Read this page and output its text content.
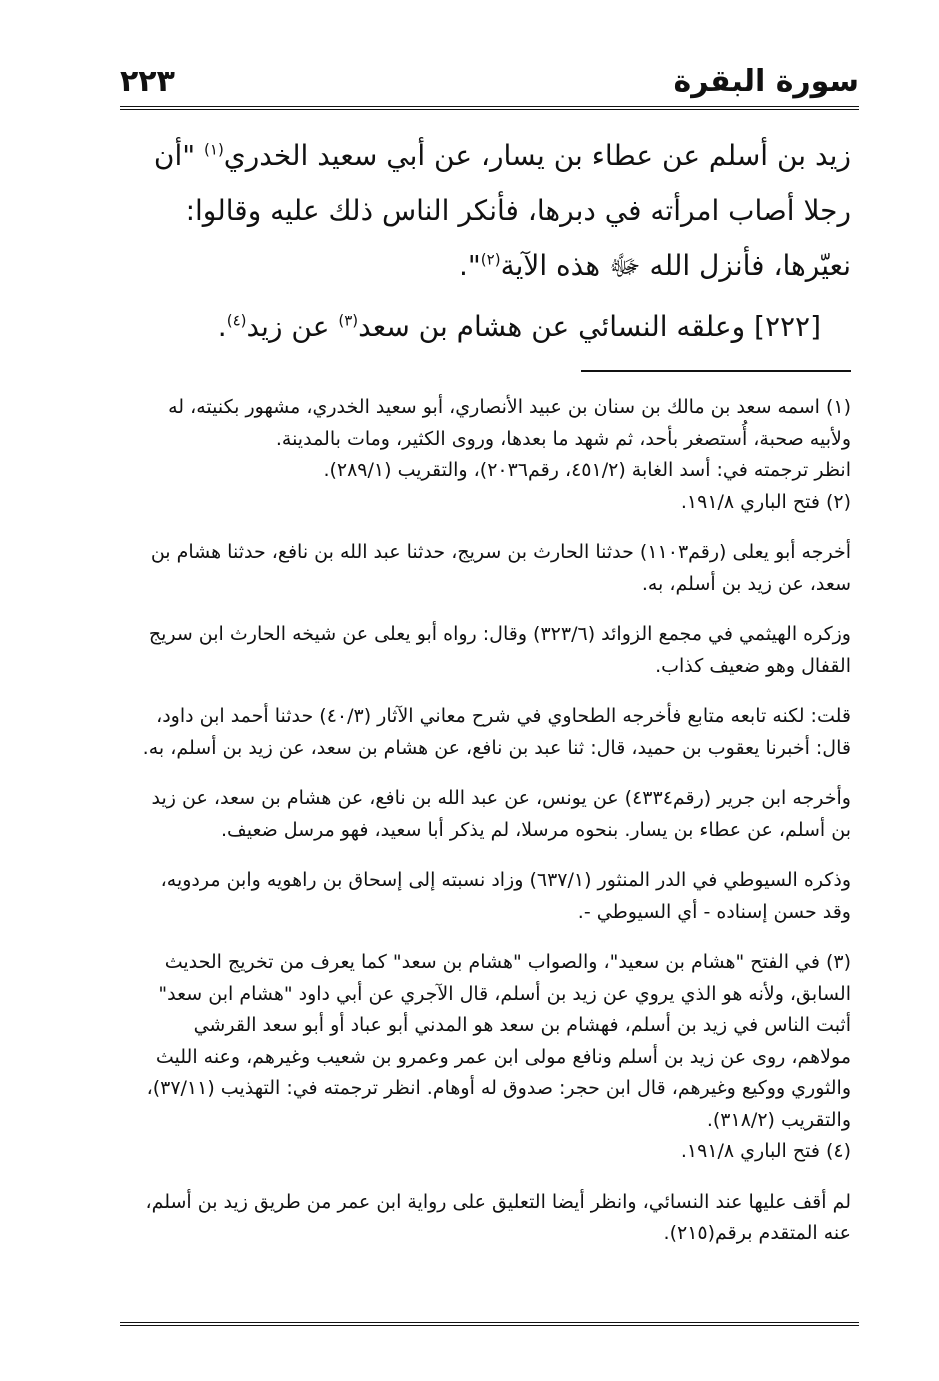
٢٢٣	سورة البقرة

زيد بن أسلم عن عطاء بن يسار، عن أبي سعيد الخدري$^{(١)}$ "أن رجلا أصاب امرأته في دبرها، فأنكر الناس ذلك عليه وقالوا: نعيّرها، فأنزل الله ﷻ هذه الآية$^{(٢)}$".

[٢٢٢] وعلقه النسائي عن هشام بن سعد$^{(٣)}$ عن زيد$^{(٤)}$.

(١)اسمه سعد بن مالك بن سنان بن عبيد الأنصاري، أبو سعيد الخدري، مشهور بكنيته، له ولأبيه صحبة، أُستصغر بأحد، ثم شهد ما بعدها، وروى الكثير، ومات بالمدينة.

انظر ترجمته في: أسد الغابة (٤٥١/٢، رقم٢٠٣٦)، والتقريب (٢٨٩/١).

(٢)فتح الباري ١٩١/٨.

أخرجه أبو يعلى (رقم١١٠٣) حدثنا الحارث بن سريج، حدثنا عبد الله بن نافع، حدثنا هشام بن سعد، عن زيد بن أسلم، به.

وزكره الهيثمي في مجمع الزوائد (٣٢٣/٦) وقال: رواه أبو يعلى عن شيخه الحارث ابن سريج القفال وهو ضعيف كذاب.

قلت: لكنه تابعه متابع فأخرجه الطحاوي في شرح معاني الآثار (٤٠/٣) حدثنا أحمد ابن داود، قال: أخبرنا يعقوب بن حميد، قال: ثنا عبد بن نافع، عن هشام بن سعد، عن زيد بن أسلم، به.

وأخرجه ابن جرير (رقم٤٣٣٤) عن يونس، عن عبد الله بن نافع، عن هشام بن سعد، عن زيد بن أسلم، عن عطاء بن يسار. بنحوه مرسلا، لم يذكر أبا سعيد، فهو مرسل ضعيف.

وذكره السيوطي في الدر المنثور (٦٣٧/١) وزاد نسبته إلى إسحاق بن راهويه وابن مردويه، وقد حسن إسناده - أي السيوطي -.

(٣)في الفتح "هشام بن سعيد"، والصواب "هشام بن سعد" كما يعرف من تخريج الحديث السابق، ولأنه هو الذي يروي عن زيد بن أسلم، قال الآجري عن أبي داود "هشام ابن سعد" أثبت الناس في زيد بن أسلم، فهشام بن سعد هو المدني أبو عباد أو أبو سعد القرشي مولاهم، روى عن زيد بن أسلم ونافع مولى ابن عمر وعمرو بن شعيب وغيرهم، وعنه الليث والثوري ووكيع وغيرهم، قال ابن حجر: صدوق له أوهام. انظر ترجمته في: التهذيب (٣٧/١١)، والتقريب (٣١٨/٢).

(٤)فتح الباري ١٩١/٨.

لم أقف عليها عند النسائي، وانظر أيضا التعليق على رواية ابن عمر من طريق زيد بن أسلم، عنه المتقدم برقم(٢١٥).
